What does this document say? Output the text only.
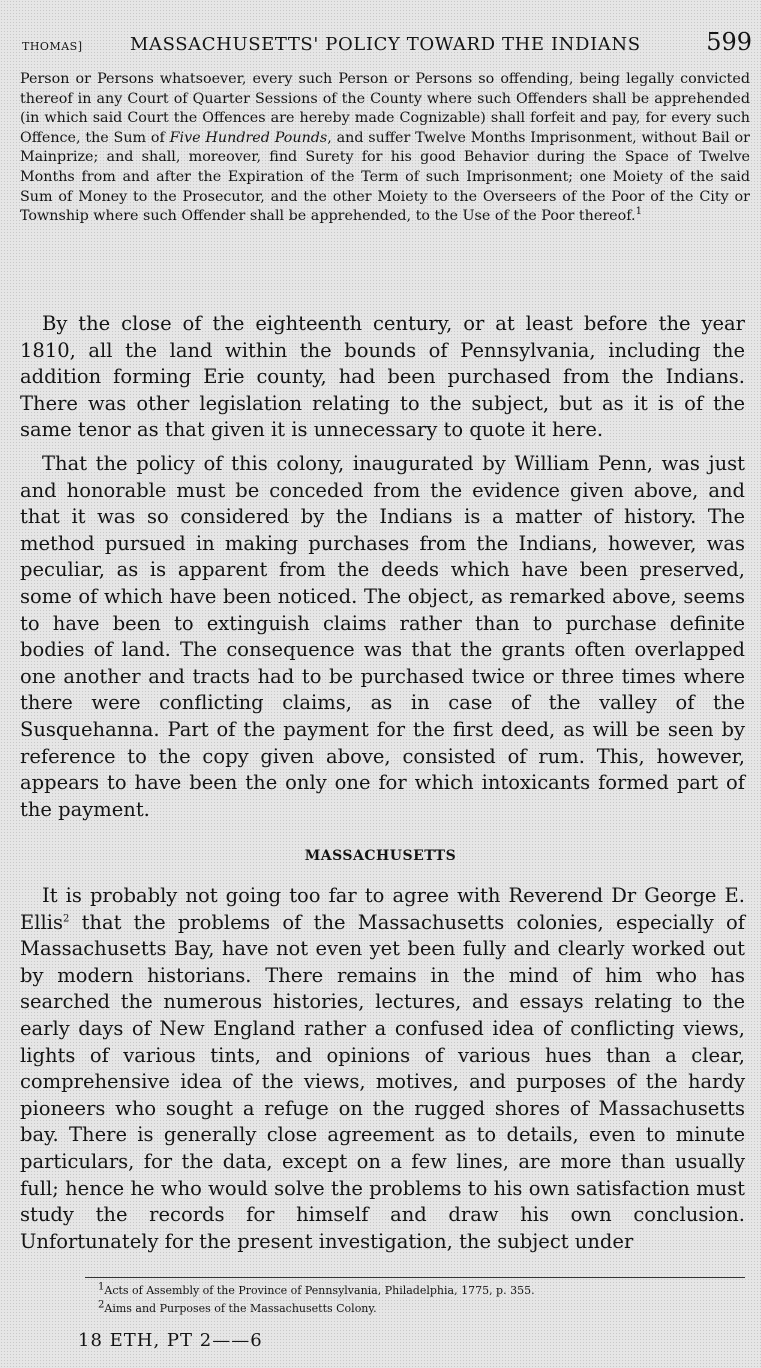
THOMAS]	MASSACHUSETTS' POLICY TOWARD THE INDIANS	599

Person or Persons whatsoever, every such Person or Persons so offending, being legally convicted thereof in any Court of Quarter Sessions of the County where such Offenders shall be apprehended (in which said Court the Offences are hereby made Cognizable) shall forfeit and pay, for every such Offence, the Sum of Five Hundred Pounds, and suffer Twelve Months Imprisonment, without Bail or Mainprize; and shall, moreover, find Surety for his good Behavior during the Space of Twelve Months from and after the Expiration of the Term of such Imprisonment; one Moiety of the said Sum of Money to the Prosecutor, and the other Moiety to the Overseers of the Poor of the City or Township where such Offender shall be apprehended, to the Use of the Poor thereof.$^1$

By the close of the eighteenth century, or at least before the year 1810, all the land within the bounds of Pennsylvania, including the addition forming Erie county, had been purchased from the Indians. There was other legislation relating to the subject, but as it is of the same tenor as that given it is unnecessary to quote it here.

That the policy of this colony, inaugurated by William Penn, was just and honorable must be conceded from the evidence given above, and that it was so considered by the Indians is a matter of history. The method pursued in making purchases from the Indians, however, was peculiar, as is apparent from the deeds which have been preserved, some of which have been noticed. The object, as remarked above, seems to have been to extinguish claims rather than to purchase definite bodies of land. The consequence was that the grants often overlapped one another and tracts had to be purchased twice or three times where there were conflicting claims, as in case of the valley of the Susquehanna. Part of the payment for the first deed, as will be seen by reference to the copy given above, consisted of rum. This, however, appears to have been the only one for which intoxicants formed part of the payment.

MASSACHUSETTS

It is probably not going too far to agree with Reverend Dr George E. Ellis$^2$ that the problems of the Massachusetts colonies, especially of Massachusetts Bay, have not even yet been fully and clearly worked out by modern historians. There remains in the mind of him who has searched the numerous histories, lectures, and essays relating to the early days of New England rather a confused idea of conflicting views, lights of various tints, and opinions of various hues than a clear, comprehensive idea of the views, motives, and purposes of the hardy pioneers who sought a refuge on the rugged shores of Massachusetts bay. There is generally close agreement as to details, even to minute particulars, for the data, except on a few lines, are more than usually full; hence he who would solve the problems to his own satisfaction must study the records for himself and draw his own conclusion. Unfortunately for the present investigation, the subject under

$^1$Acts of Assembly of the Province of Pennsylvania, Philadelphia, 1775, p. 355.

$^2$Aims and Purposes of the Massachusetts Colony.

18 ETH, PT 2——6
